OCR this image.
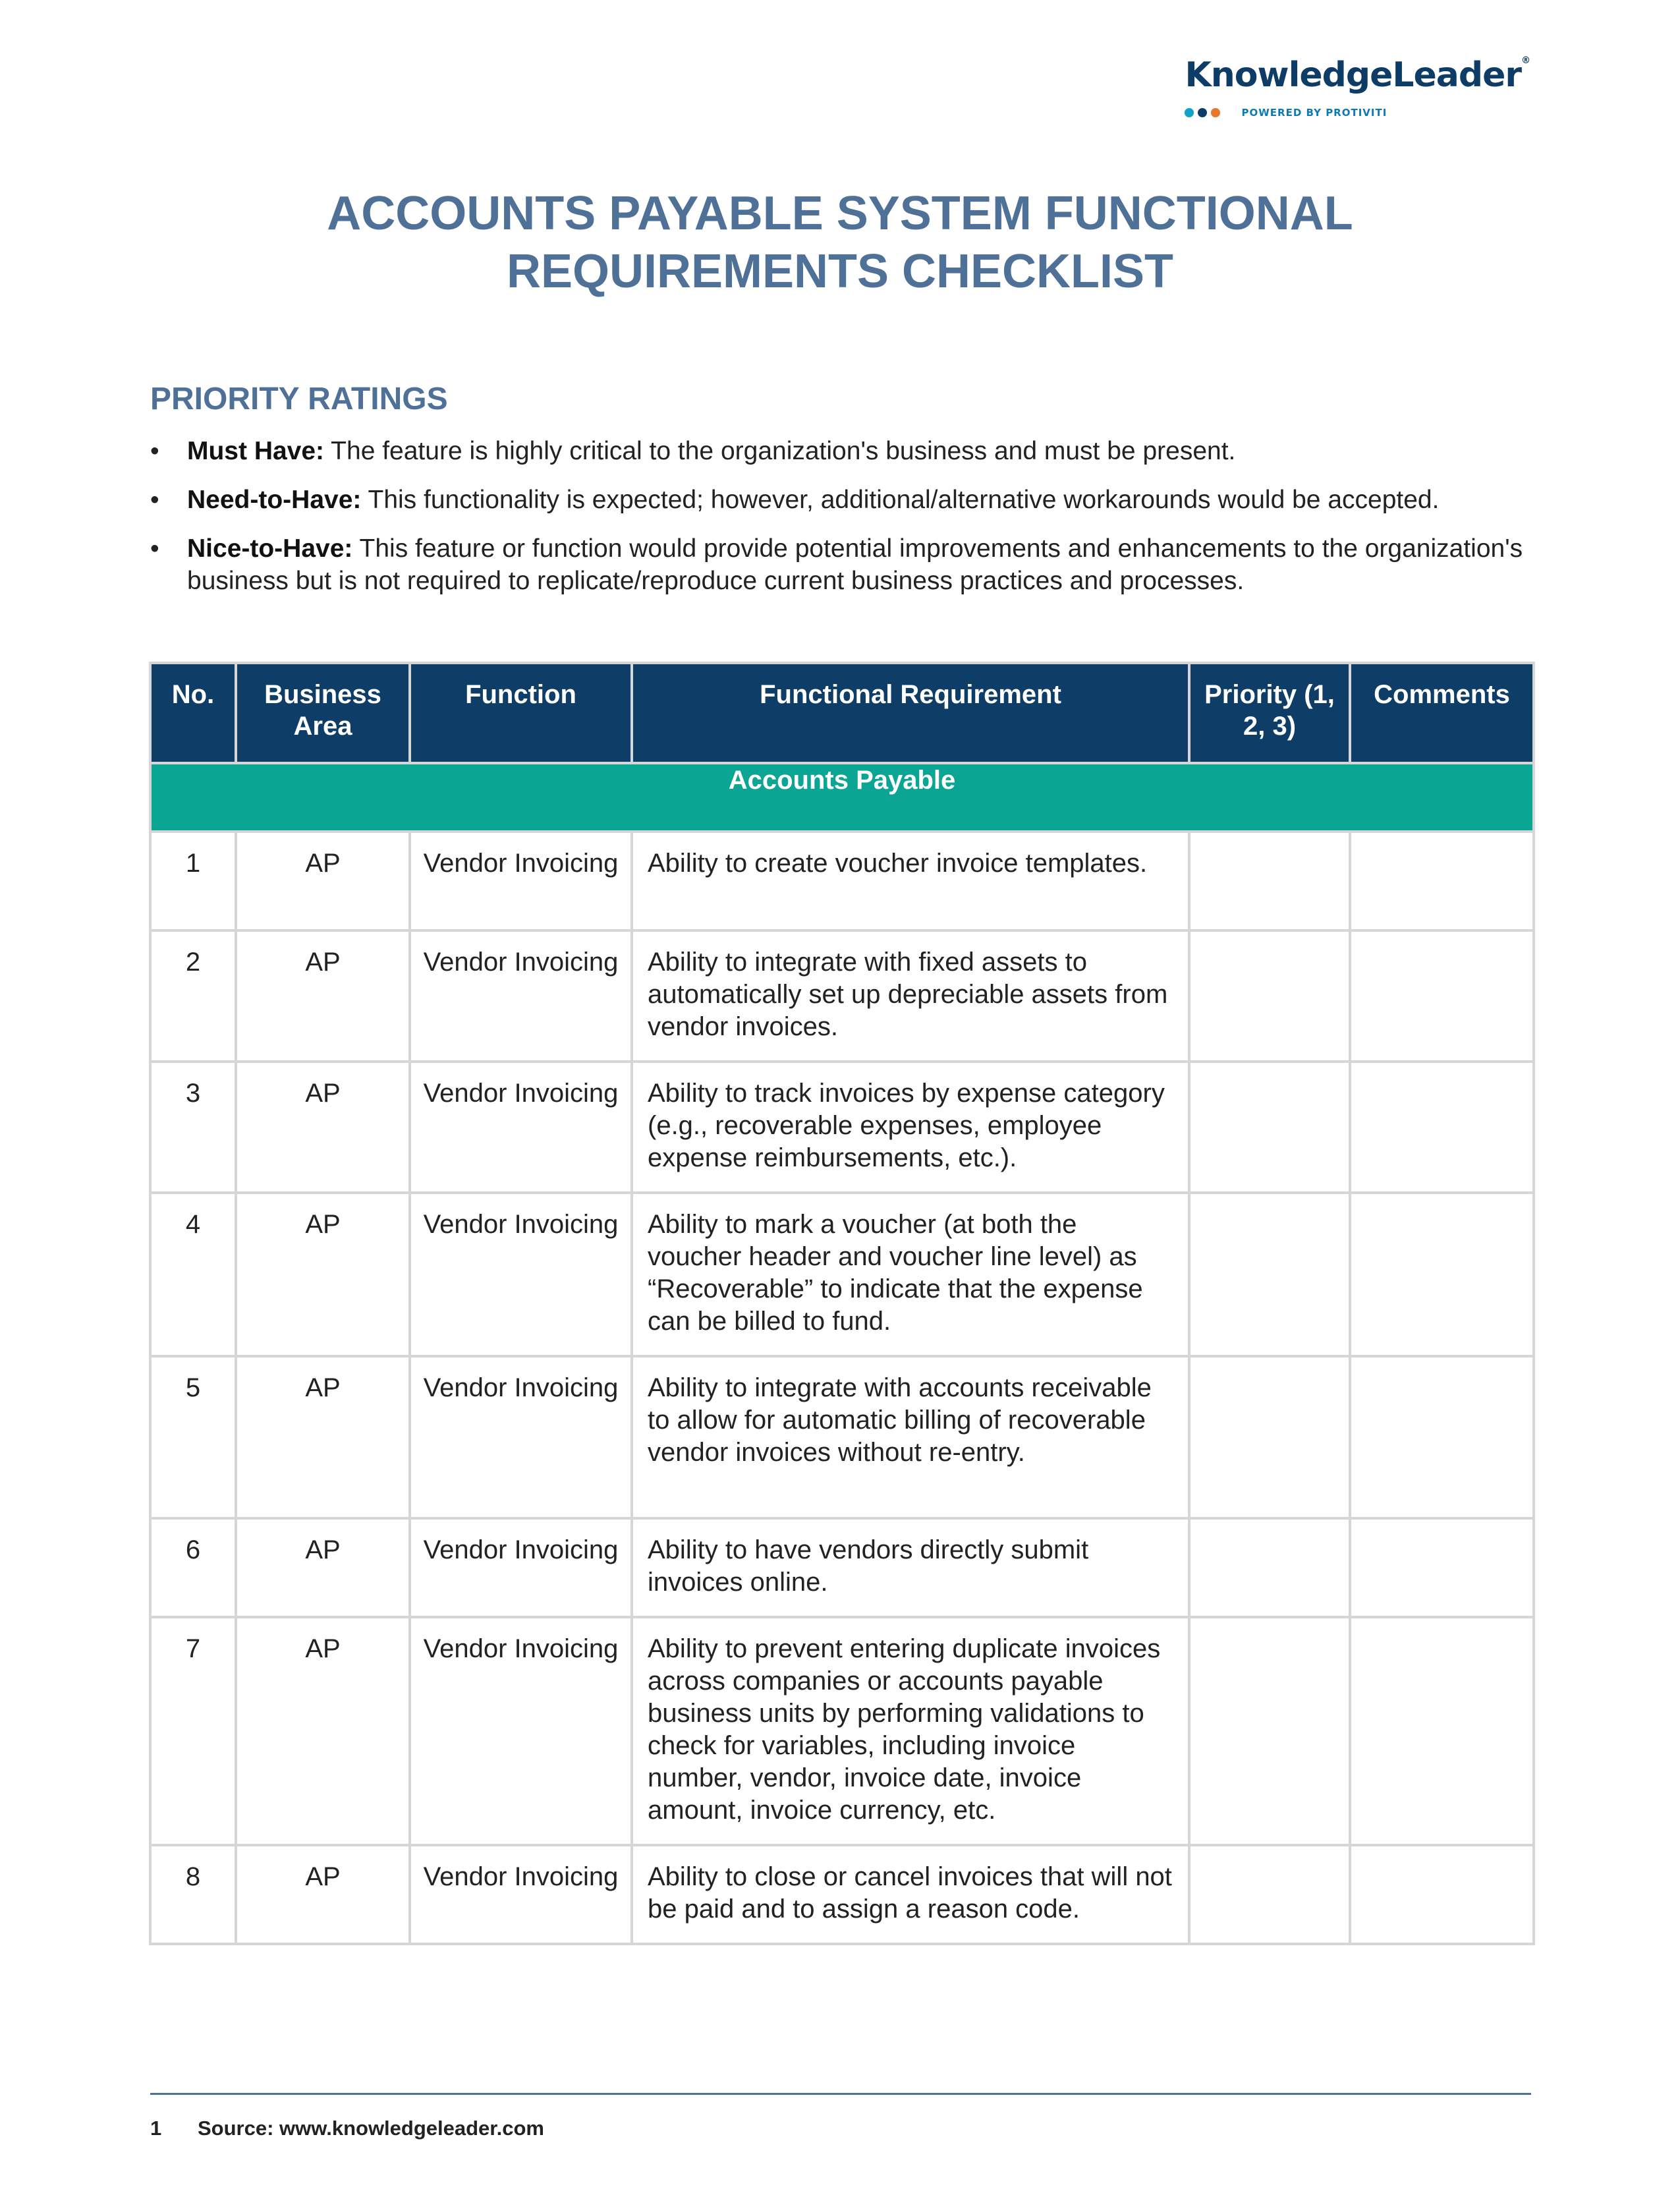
KnowledgeLeader®
POWERED BY PROTIVITI
ACCOUNTS PAYABLE SYSTEM FUNCTIONAL
REQUIREMENTS CHECKLIST
PRIORITY RATINGS
• Must Have: The feature is highly critical to the organization's business and must be present.
• Need-to-Have: This functionality is expected; however, additional/alternative workarounds would be accepted.
• Nice-to-Have: This feature or function would provide potential improvements and enhancements to the organization's business but is not required to replicate/reproduce current business practices and processes.
No.	Business Area	Function	Functional Requirement	Priority (1, 2, 3)	Comments
Accounts Payable					
1	AP	Vendor Invoicing	Ability to create voucher invoice templates.		
2	AP	Vendor Invoicing	Ability to integrate with fixed assets to automatically set up depreciable assets from vendor invoices.		
3	AP	Vendor Invoicing	Ability to track invoices by expense category (e.g., recoverable expenses, employee expense reimbursements, etc.).		
4	AP	Vendor Invoicing	Ability to mark a voucher (at both the voucher header and voucher line level) as “Recoverable” to indicate that the expense can be billed to fund.		
5	AP	Vendor Invoicing	Ability to integrate with accounts receivable to allow for automatic billing of recoverable vendor invoices without re-entry.		
6	AP	Vendor Invoicing	Ability to have vendors directly submit invoices online.		
7	AP	Vendor Invoicing	Ability to prevent entering duplicate invoices across companies or accounts payable business units by performing validations to check for variables, including invoice number, vendor, invoice date, invoice amount, invoice currency, etc.		
8	AP	Vendor Invoicing	Ability to close or cancel invoices that will not be paid and to assign a reason code.		
1 Source: www.knowledgeleader.com
